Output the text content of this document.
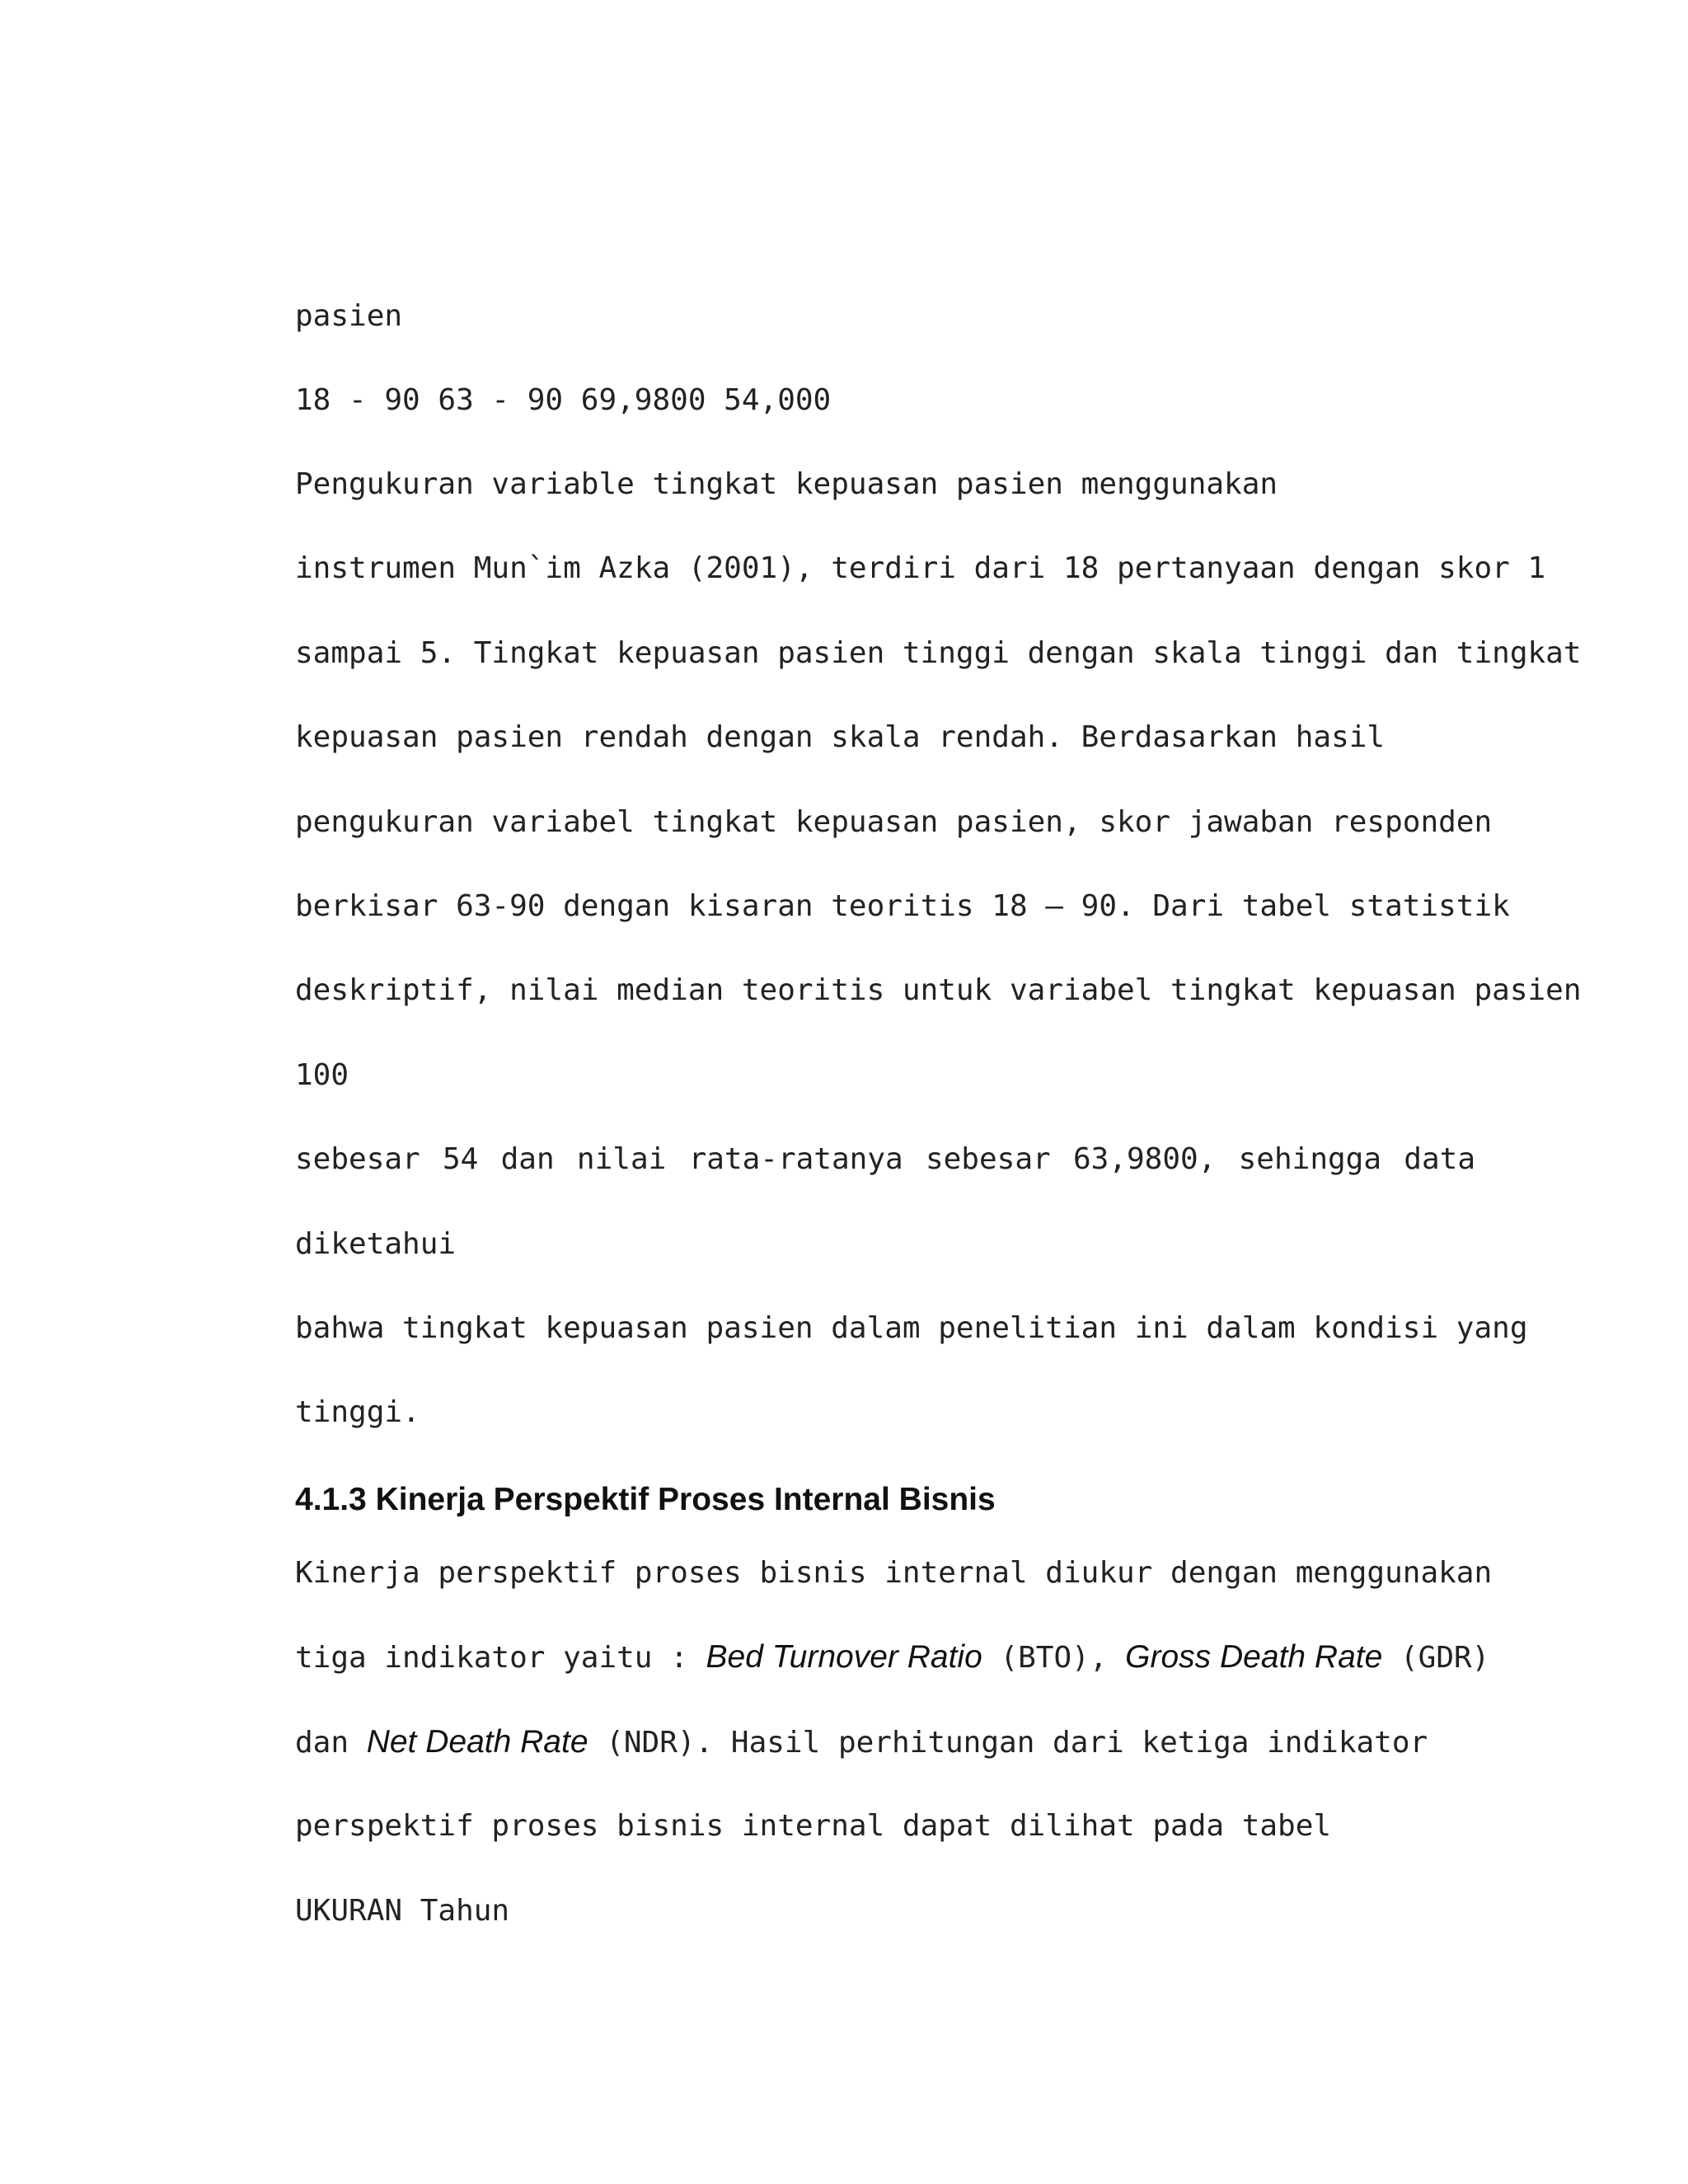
pasien

18 - 90 63 - 90 69,9800 54,000

Pengukuran variable tingkat kepuasan pasien menggunakan

instrumen Mun`im Azka (2001), terdiri dari 18 pertanyaan dengan skor 1

sampai 5. Tingkat kepuasan pasien tinggi dengan skala tinggi dan tingkat

kepuasan pasien rendah dengan skala rendah. Berdasarkan hasil

pengukuran variabel tingkat kepuasan pasien, skor jawaban responden

berkisar 63-90 dengan kisaran teoritis 18 – 90. Dari tabel statistik

deskriptif, nilai median teoritis untuk variabel tingkat kepuasan pasien

100

sebesar 54 dan nilai rata-ratanya sebesar 63,9800, sehingga data

diketahui

bahwa tingkat kepuasan pasien dalam penelitian ini dalam kondisi yang

tinggi.

4.1.3 Kinerja Perspektif Proses Internal Bisnis

Kinerja perspektif proses bisnis internal diukur dengan menggunakan

tiga indikator yaitu : Bed Turnover Ratio (BTO), Gross Death Rate (GDR)

dan Net Death Rate (NDR). Hasil perhitungan dari ketiga indikator

perspektif proses bisnis internal dapat dilihat pada tabel

UKURAN Tahun
